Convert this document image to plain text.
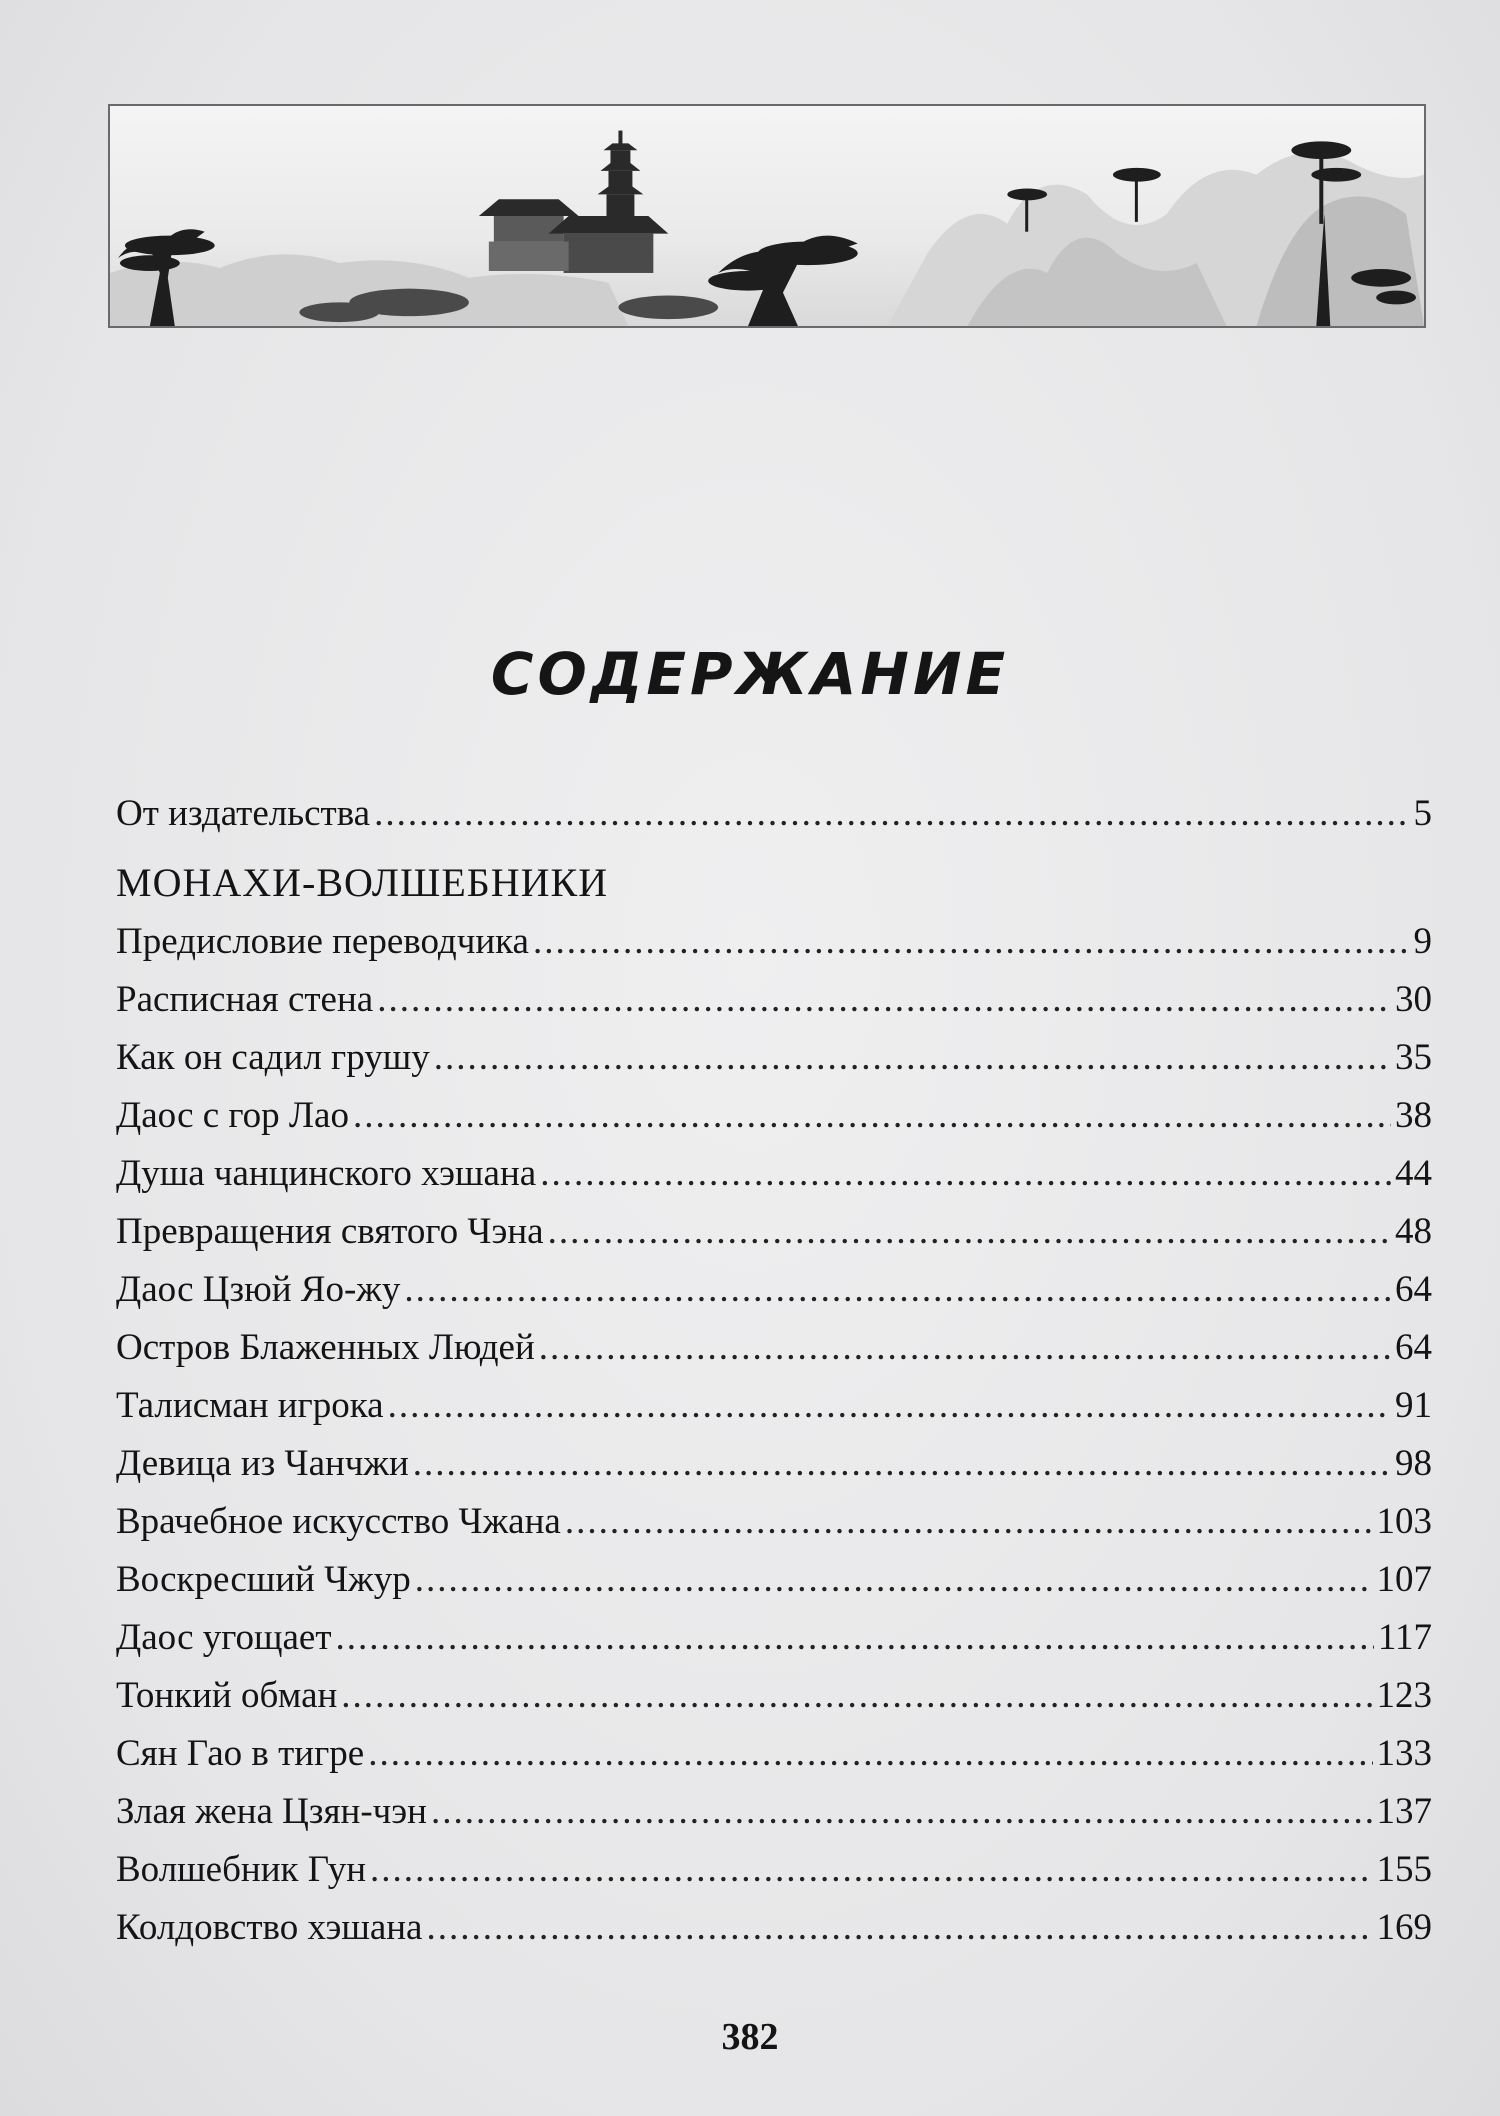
СОДЕРЖАНИЕ
От издательства .....	5
МОНАХИ-ВОЛШЕБНИКИ
Предисловие переводчика .....	9
Расписная стена .....	30
Как он садил грушу .....	35
Даос с гор Лао .....	38
Душа чанцинского хэшана .....	44
Превращения святого Чэна .....	48
Даос Цзюй Яо-жу .....	64
Остров Блаженных Людей .....	64
Талисман игрока .....	91
Девица из Чанчжи .....	98
Врачебное искусство Чжана .....	103
Воскресший Чжур .....	107
Даос угощает .....	117
Тонкий обман .....	123
Сян Гао в тигре .....	133
Злая жена Цзян-чэн .....	137
Волшебник Гун .....	155
Колдовство хэшана .....	169
382
